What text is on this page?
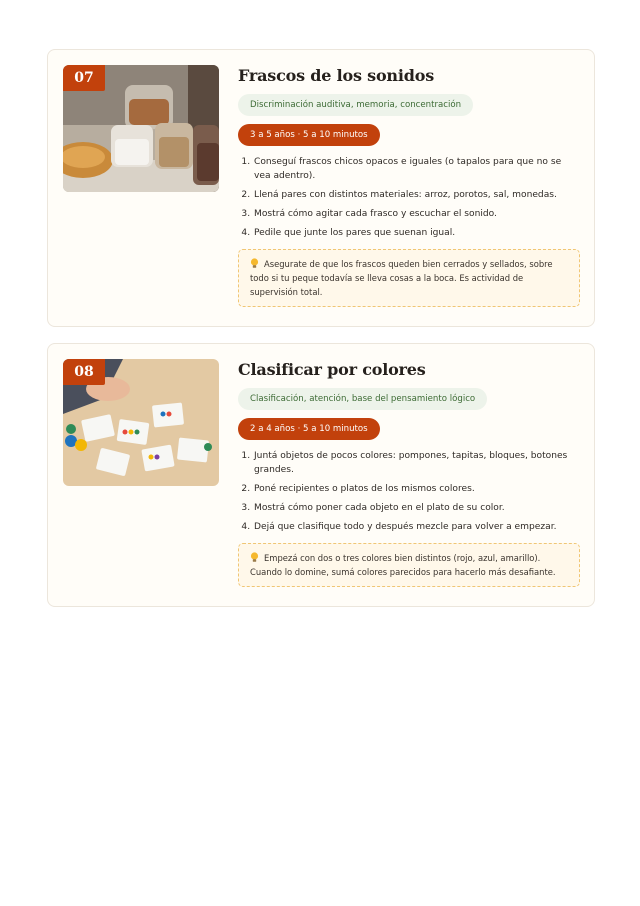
07	Frascos de los sonidos
Discriminación auditiva, memoria, concentración
3 a 5 años · 5 a 10 minutos
1. Conseguí frascos chicos opacos e iguales (o tapalos para que no se vea adentro).
2. Llená pares con distintos materiales: arroz, porotos, sal, monedas.
3. Mostrá cómo agitar cada frasco y escuchar el sonido.
4. Pedile que junte los pares que suenan igual.
Asegurate de que los frascos queden bien cerrados y sellados, sobre todo si tu peque todavía se lleva cosas a la boca. Es actividad de supervisión total.
08	Clasificar por colores
Clasificación, atención, base del pensamiento lógico
2 a 4 años · 5 a 10 minutos
1. Juntá objetos de pocos colores: pompones, tapitas, bloques, botones grandes.
2. Poné recipientes o platos de los mismos colores.
3. Mostrá cómo poner cada objeto en el plato de su color.
4. Dejá que clasifique todo y después mezcle para volver a empezar.
Empezá con dos o tres colores bien distintos (rojo, azul, amarillo). Cuando lo domine, sumá colores parecidos para hacerlo más desafiante.
